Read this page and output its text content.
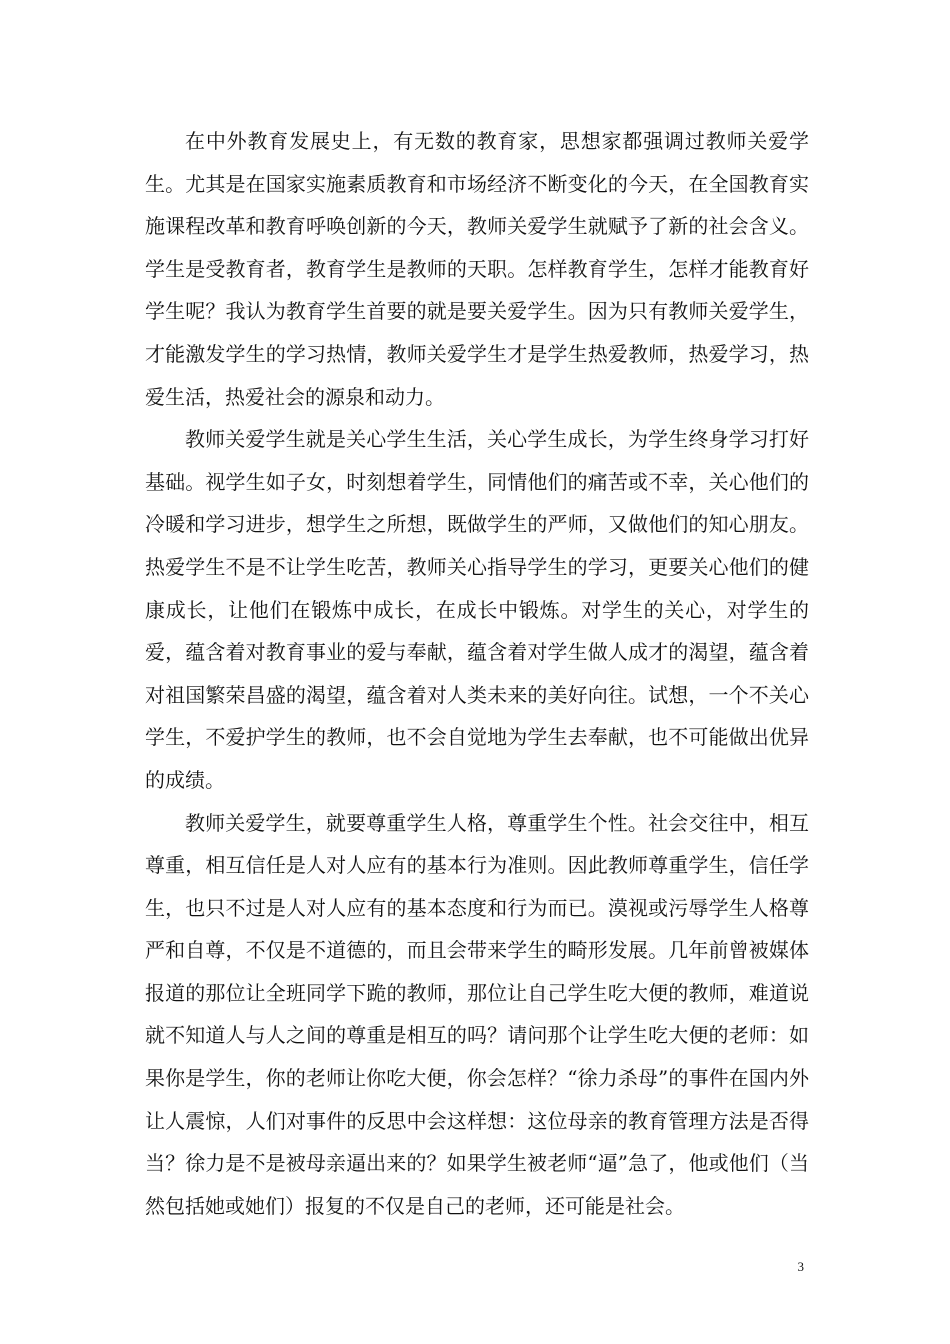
在中外教育发展史上，有无数的教育家，思想家都强调过教师关爱学生。尤其是在国家实施素质教育和市场经济不断变化的今天，在全国教育实施课程改革和教育呼唤创新的今天，教师关爱学生就赋予了新的社会含义。学生是受教育者，教育学生是教师的天职。怎样教育学生，怎样才能教育好学生呢？我认为教育学生首要的就是要关爱学生。因为只有教师关爱学生，才能激发学生的学习热情，教师关爱学生才是学生热爱教师，热爱学习，热爱生活，热爱社会的源泉和动力。

教师关爱学生就是关心学生生活，关心学生成长，为学生终身学习打好基础。视学生如子女，时刻想着学生，同情他们的痛苦或不幸，关心他们的冷暖和学习进步，想学生之所想，既做学生的严师，又做他们的知心朋友。热爱学生不是不让学生吃苦，教师关心指导学生的学习，更要关心他们的健康成长，让他们在锻炼中成长，在成长中锻炼。对学生的关心，对学生的爱，蕴含着对教育事业的爱与奉献，蕴含着对学生做人成才的渴望，蕴含着对祖国繁荣昌盛的渴望，蕴含着对人类未来的美好向往。试想，一个不关心学生，不爱护学生的教师，也不会自觉地为学生去奉献，也不可能做出优异的成绩。

教师关爱学生，就要尊重学生人格，尊重学生个性。社会交往中，相互尊重，相互信任是人对人应有的基本行为准则。因此教师尊重学生，信任学生，也只不过是人对人应有的基本态度和行为而已。漠视或污辱学生人格尊严和自尊，不仅是不道德的，而且会带来学生的畸形发展。几年前曾被媒体报道的那位让全班同学下跪的教师，那位让自己学生吃大便的教师，难道说就不知道人与人之间的尊重是相互的吗？请问那个让学生吃大便的老师：如果你是学生，你的老师让你吃大便，你会怎样？“徐力杀母”的事件在国内外让人震惊，人们对事件的反思中会这样想：这位母亲的教育管理方法是否得当？徐力是不是被母亲逼出来的？如果学生被老师“逼”急了，他或他们（当然包括她或她们）报复的不仅是自己的老师，还可能是社会。

3
